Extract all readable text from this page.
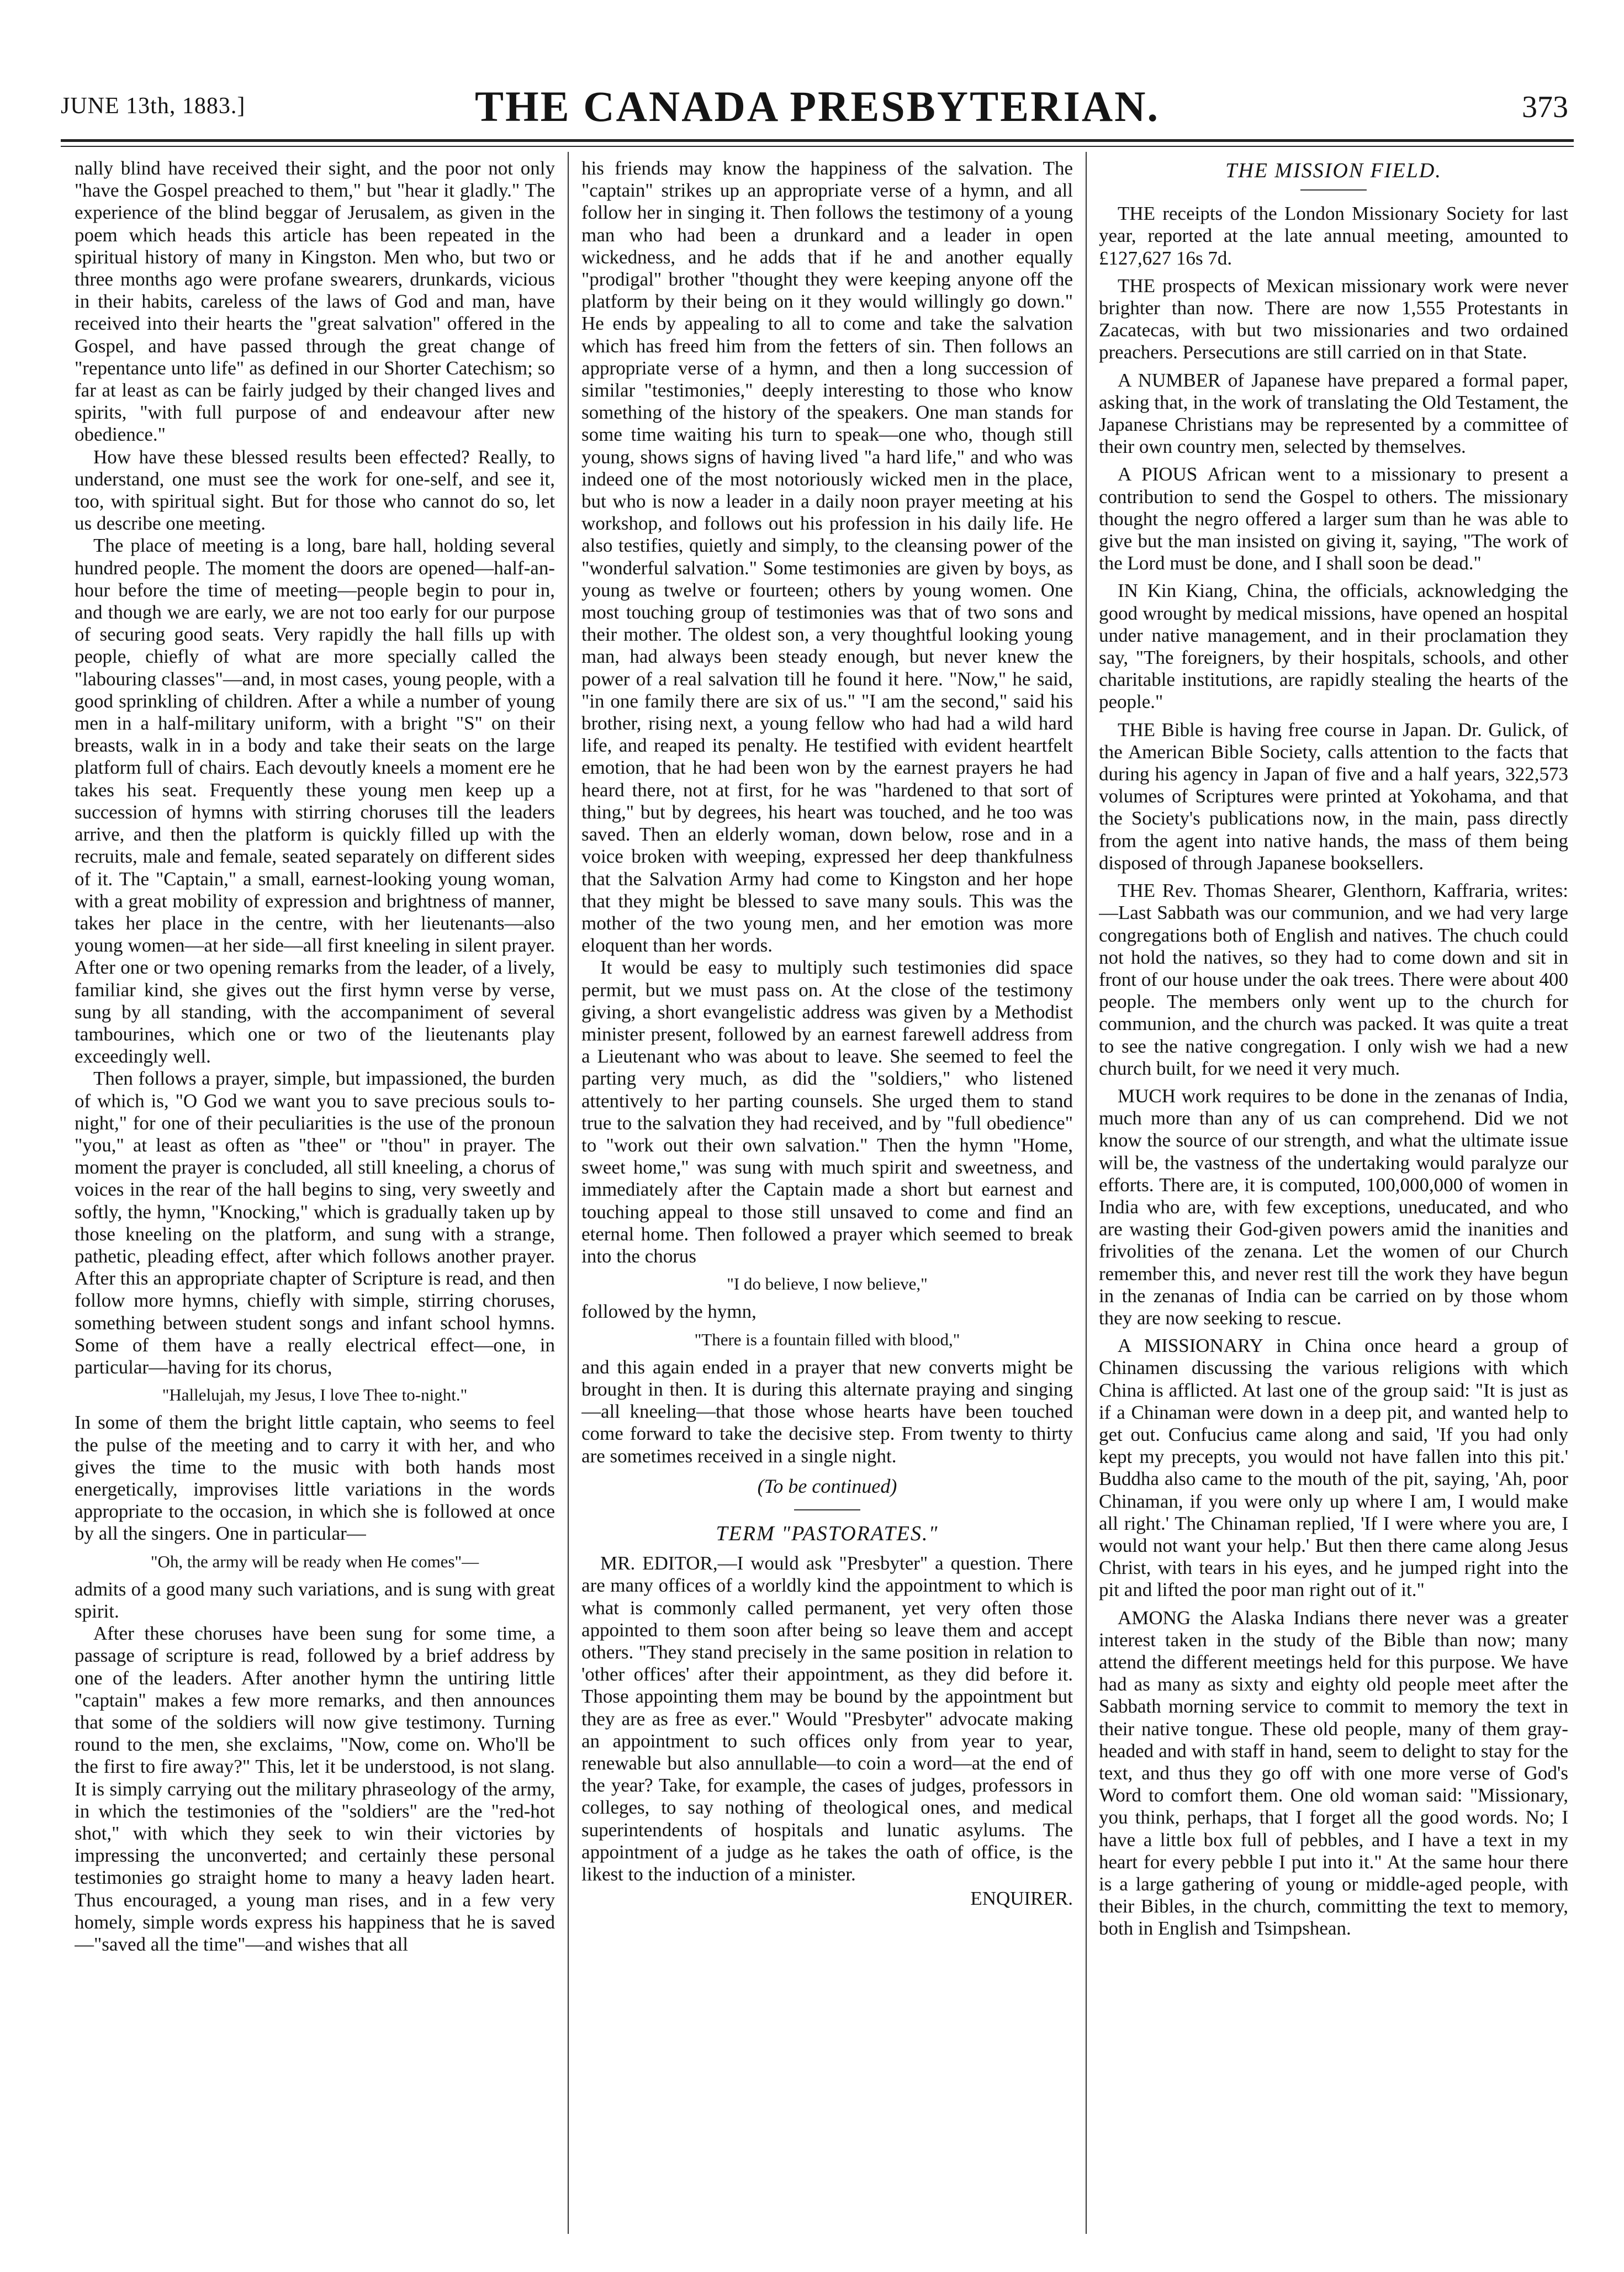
JUNE 13th, 1883.]	THE CANADA PRESBYTERIAN.	373

nally blind have received their sight, and the poor not only "have the Gospel preached to them," but "hear it gladly." The experience of the blind beggar of Jerusalem, as given in the poem which heads this article has been repeated in the spiritual history of many in Kingston. Men who, but two or three months ago were profane swearers, drunkards, vicious in their habits, careless of the laws of God and man, have received into their hearts the "great salvation" offered in the Gospel, and have passed through the great change of "repentance unto life" as defined in our Shorter Catechism; so far at least as can be fairly judged by their changed lives and spirits, "with full purpose of and endeavour after new obedience."

How have these blessed results been effected? Really, to understand, one must see the work for one-self, and see it, too, with spiritual sight. But for those who cannot do so, let us describe one meeting.

The place of meeting is a long, bare hall, holding several hundred people. The moment the doors are opened—half-an-hour before the time of meeting—people begin to pour in, and though we are early, we are not too early for our purpose of securing good seats. Very rapidly the hall fills up with people, chiefly of what are more specially called the "labouring classes"—and, in most cases, young people, with a good sprinkling of children. After a while a number of young men in a half-military uniform, with a bright "S" on their breasts, walk in in a body and take their seats on the large platform full of chairs. Each devoutly kneels a moment ere he takes his seat. Frequently these young men keep up a succession of hymns with stirring choruses till the leaders arrive, and then the platform is quickly filled up with the recruits, male and female, seated separately on different sides of it. The "Captain," a small, earnest-looking young woman, with a great mobility of expression and brightness of manner, takes her place in the centre, with her lieutenants—also young women—at her side—all first kneeling in silent prayer. After one or two opening remarks from the leader, of a lively, familiar kind, she gives out the first hymn verse by verse, sung by all standing, with the accompaniment of several tambourines, which one or two of the lieutenants play exceedingly well.

Then follows a prayer, simple, but impassioned, the burden of which is, "O God we want you to save precious souls to-night," for one of their peculiarities is the use of the pronoun "you," at least as often as "thee" or "thou" in prayer. The moment the prayer is concluded, all still kneeling, a chorus of voices in the rear of the hall begins to sing, very sweetly and softly, the hymn, "Knocking," which is gradually taken up by those kneeling on the platform, and sung with a strange, pathetic, pleading effect, after which follows another prayer. After this an appropriate chapter of Scripture is read, and then follow more hymns, chiefly with simple, stirring choruses, something between student songs and infant school hymns. Some of them have a really electrical effect—one, in particular—having for its chorus,

"Hallelujah, my Jesus, I love Thee to-night."

In some of them the bright little captain, who seems to feel the pulse of the meeting and to carry it with her, and who gives the time to the music with both hands most energetically, improvises little variations in the words appropriate to the occasion, in which she is followed at once by all the singers. One in particular—

"Oh, the army will be ready when He comes"—

admits of a good many such variations, and is sung with great spirit.

After these choruses have been sung for some time, a passage of scripture is read, followed by a brief address by one of the leaders. After another hymn the untiring little "captain" makes a few more remarks, and then announces that some of the soldiers will now give testimony. Turning round to the men, she exclaims, "Now, come on. Who'll be the first to fire away?" This, let it be understood, is not slang. It is simply carrying out the military phraseology of the army, in which the testimonies of the "soldiers" are the "red-hot shot," with which they seek to win their victories by impressing the unconverted; and certainly these personal testimonies go straight home to many a heavy laden heart. Thus encouraged, a young man rises, and in a few very homely, simple words express his happiness that he is saved—"saved all the time"—and wishes that all

his friends may know the happiness of the salvation. The "captain" strikes up an appropriate verse of a hymn, and all follow her in singing it. Then follows the testimony of a young man who had been a drunkard and a leader in open wickedness, and he adds that if he and another equally "prodigal" brother "thought they were keeping anyone off the platform by their being on it they would willingly go down." He ends by appealing to all to come and take the salvation which has freed him from the fetters of sin. Then follows an appropriate verse of a hymn, and then a long succession of similar "testimonies," deeply interesting to those who know something of the history of the speakers. One man stands for some time waiting his turn to speak—one who, though still young, shows signs of having lived "a hard life," and who was indeed one of the most notoriously wicked men in the place, but who is now a leader in a daily noon prayer meeting at his workshop, and follows out his profession in his daily life. He also testifies, quietly and simply, to the cleansing power of the "wonderful salvation." Some testimonies are given by boys, as young as twelve or fourteen; others by young women. One most touching group of testimonies was that of two sons and their mother. The oldest son, a very thoughtful looking young man, had always been steady enough, but never knew the power of a real salvation till he found it here. "Now," he said, "in one family there are six of us." "I am the second," said his brother, rising next, a young fellow who had had a wild hard life, and reaped its penalty. He testified with evident heartfelt emotion, that he had been won by the earnest prayers he had heard there, not at first, for he was "hardened to that sort of thing," but by degrees, his heart was touched, and he too was saved. Then an elderly woman, down below, rose and in a voice broken with weeping, expressed her deep thankfulness that the Salvation Army had come to Kingston and her hope that they might be blessed to save many souls. This was the mother of the two young men, and her emotion was more eloquent than her words.

It would be easy to multiply such testimonies did space permit, but we must pass on. At the close of the testimony giving, a short evangelistic address was given by a Methodist minister present, followed by an earnest farewell address from a Lieutenant who was about to leave. She seemed to feel the parting very much, as did the "soldiers," who listened attentively to her parting counsels. She urged them to stand true to the salvation they had received, and by "full obedience" to "work out their own salvation." Then the hymn "Home, sweet home," was sung with much spirit and sweetness, and immediately after the Captain made a short but earnest and touching appeal to those still unsaved to come and find an eternal home. Then followed a prayer which seemed to break into the chorus

"I do believe, I now believe,"

followed by the hymn,

"There is a fountain filled with blood,"

and this again ended in a prayer that new converts might be brought in then. It is during this alternate praying and singing—all kneeling—that those whose hearts have been touched come forward to take the decisive step. From twenty to thirty are sometimes received in a single night.

(To be continued)
TERM "PASTORATES."

MR. EDITOR,—I would ask "Presbyter" a question. There are many offices of a worldly kind the appointment to which is what is commonly called permanent, yet very often those appointed to them soon after being so leave them and accept others. "They stand precisely in the same position in relation to 'other offices' after their appointment, as they did before it. Those appointing them may be bound by the appointment but they are as free as ever." Would "Presbyter" advocate making an appointment to such offices only from year to year, renewable but also annullable—to coin a word—at the end of the year? Take, for example, the cases of judges, professors in colleges, to say nothing of theological ones, and medical superintendents of hospitals and lunatic asylums. The appointment of a judge as he takes the oath of office, is the likest to the induction of a minister.

ENQUIRER.

THE MISSION FIELD.

THE receipts of the London Missionary Society for last year, reported at the late annual meeting, amounted to £127,627 16s 7d.

THE prospects of Mexican missionary work were never brighter than now. There are now 1,555 Protestants in Zacatecas, with but two missionaries and two ordained preachers. Persecutions are still carried on in that State.

A NUMBER of Japanese have prepared a formal paper, asking that, in the work of translating the Old Testament, the Japanese Christians may be represented by a committee of their own country men, selected by themselves.

A PIOUS African went to a missionary to present a contribution to send the Gospel to others. The missionary thought the negro offered a larger sum than he was able to give but the man insisted on giving it, saying, "The work of the Lord must be done, and I shall soon be dead."

IN Kin Kiang, China, the officials, acknowledging the good wrought by medical missions, have opened an hospital under native management, and in their proclamation they say, "The foreigners, by their hospitals, schools, and other charitable institutions, are rapidly stealing the hearts of the people."

THE Bible is having free course in Japan. Dr. Gulick, of the American Bible Society, calls attention to the facts that during his agency in Japan of five and a half years, 322,573 volumes of Scriptures were printed at Yokohama, and that the Society's publications now, in the main, pass directly from the agent into native hands, the mass of them being disposed of through Japanese booksellers.

THE Rev. Thomas Shearer, Glenthorn, Kaffraria, writes:—Last Sabbath was our communion, and we had very large congregations both of English and natives. The chuch could not hold the natives, so they had to come down and sit in front of our house under the oak trees. There were about 400 people. The members only went up to the church for communion, and the church was packed. It was quite a treat to see the native congregation. I only wish we had a new church built, for we need it very much.

MUCH work requires to be done in the zenanas of India, much more than any of us can comprehend. Did we not know the source of our strength, and what the ultimate issue will be, the vastness of the undertaking would paralyze our efforts. There are, it is computed, 100,000,000 of women in India who are, with few exceptions, uneducated, and who are wasting their God-given powers amid the inanities and frivolities of the zenana. Let the women of our Church remember this, and never rest till the work they have begun in the zenanas of India can be carried on by those whom they are now seeking to rescue.

A MISSIONARY in China once heard a group of Chinamen discussing the various religions with which China is afflicted. At last one of the group said: "It is just as if a Chinaman were down in a deep pit, and wanted help to get out. Confucius came along and said, 'If you had only kept my precepts, you would not have fallen into this pit.' Buddha also came to the mouth of the pit, saying, 'Ah, poor Chinaman, if you were only up where I am, I would make all right.' The Chinaman replied, 'If I were where you are, I would not want your help.' But then there came along Jesus Christ, with tears in his eyes, and he jumped right into the pit and lifted the poor man right out of it."

AMONG the Alaska Indians there never was a greater interest taken in the study of the Bible than now; many attend the different meetings held for this purpose. We have had as many as sixty and eighty old people meet after the Sabbath morning service to commit to memory the text in their native tongue. These old people, many of them gray-headed and with staff in hand, seem to delight to stay for the text, and thus they go off with one more verse of God's Word to comfort them. One old woman said: "Missionary, you think, perhaps, that I forget all the good words. No; I have a little box full of pebbles, and I have a text in my heart for every pebble I put into it." At the same hour there is a large gathering of young or middle-aged people, with their Bibles, in the church, committing the text to memory, both in English and Tsimpshean.
